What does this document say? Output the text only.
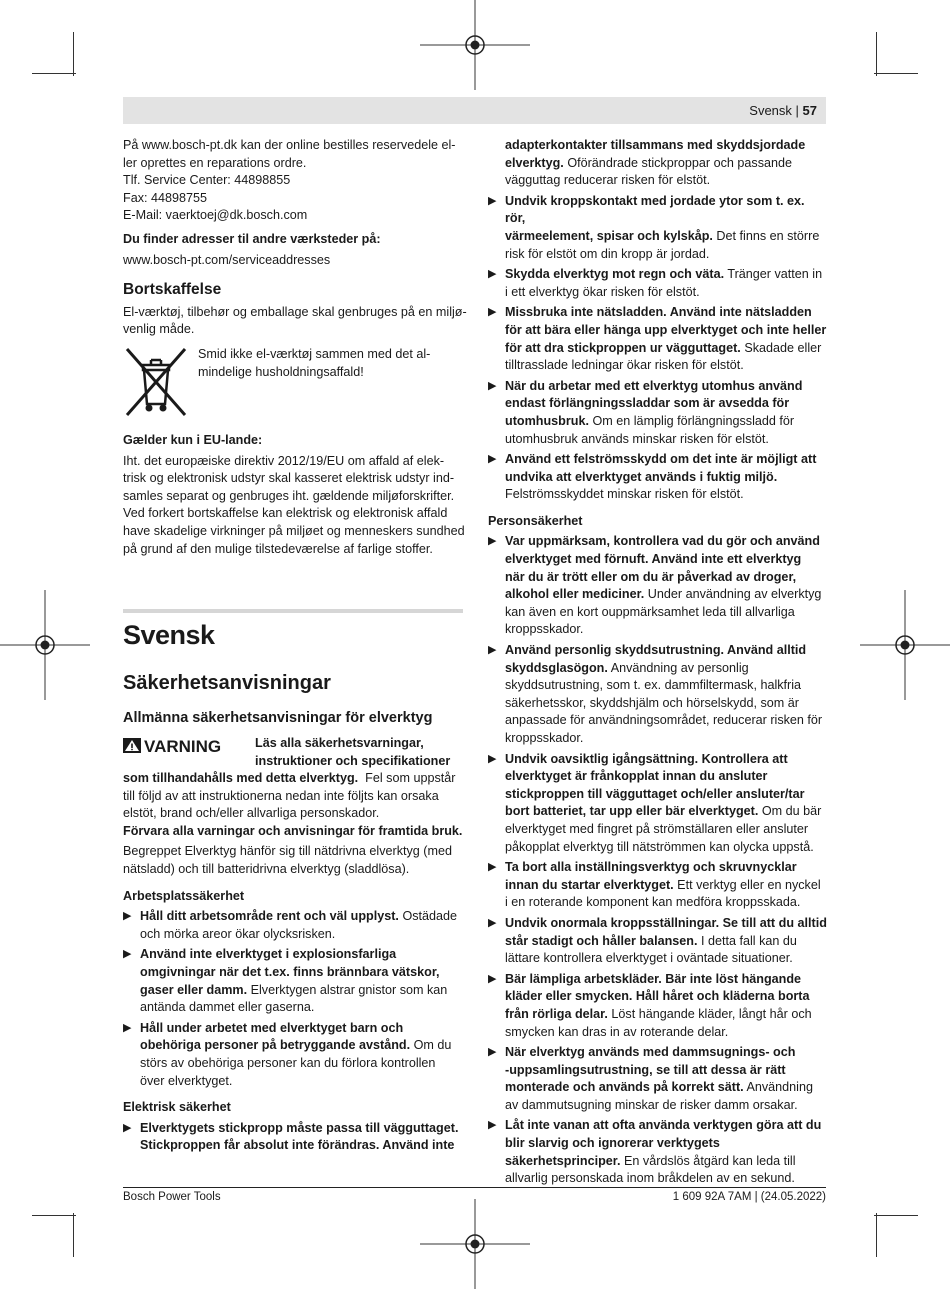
Svensk | 57

På www.bosch-pt.dk kan der online bestilles reservedele el-

ler oprettes en reparations ordre.

Tlf. Service Center: 44898855

Fax: 44898755

E-Mail: vaerktoej@dk.bosch.com

Du finder adresser til andre værksteder på:

www.bosch-pt.com/serviceaddresses

Bortskaffelse

El-værktøj, tilbehør og emballage skal genbruges på en miljø-

venlig måde.

Smid ikke el-værktøj sammen med det al-

mindelige husholdningsaffald!

Gælder kun i EU-lande:

Iht. det europæiske direktiv 2012/19/EU om affald af elek-

trisk og elektronisk udstyr skal kasseret elektrisk udstyr ind-

samles separat og genbruges iht. gældende miljøforskrifter.

Ved forkert bortskaffelse kan elektrisk og elektronisk affald

have skadelige virkninger på miljøet og menneskers sundhed

på grund af den mulige tilstedeværelse af farlige stoffer.

Svensk
Säkerhetsanvisningar
Allmänna säkerhetsanvisningar för elverktyg
VARNING	Läs alla säkerhetsvarningar,

instruktioner och specifikationer

som tillhandahålls med detta elverktyg. Fel som uppstår

till följd av att instruktionerna nedan inte följts kan orsaka

elstöt, brand och/eller allvarliga personskador.

Förvara alla varningar och anvisningar för framtida bruk.

Begreppet Elverktyg hänför sig till nätdrivna elverktyg (med

nätsladd) och till batteridrivna elverktyg (sladdlösa).

Arbetsplatssäkerhet

▶ Håll ditt arbetsområde rent och väl upplyst. Ostädade

och mörka areor ökar olycksrisken.

▶ Använd inte elverktyget i explosionsfarliga

omgivningar när det t.ex. finns brännbara vätskor,

gaser eller damm. Elverktygen alstrar gnistor som kan

antända dammet eller gaserna.

▶ Håll under arbetet med elverktyget barn och

obehöriga personer på betryggande avstånd. Om du

störs av obehöriga personer kan du förlora kontrollen

över elverktyget.

Elektrisk säkerhet

▶ Elverktygets stickpropp måste passa till vägguttaget.

Stickproppen får absolut inte förändras. Använd inte

adapterkontakter tillsammans med skyddsjordade

elverktyg. Oförändrade stickproppar och passande

vägguttag reducerar risken för elstöt.

▶ Undvik kroppskontakt med jordade ytor som t. ex. rör,

värmeelement, spisar och kylskåp. Det finns en större

risk för elstöt om din kropp är jordad.

▶ Skydda elverktyg mot regn och väta. Tränger vatten in

i ett elverktyg ökar risken för elstöt.

▶ Missbruka inte nätsladden. Använd inte nätsladden

för att bära eller hänga upp elverktyget och inte heller

för att dra stickproppen ur vägguttaget. Skadade eller

tilltrasslade ledningar ökar risken för elstöt.

▶ När du arbetar med ett elverktyg utomhus använd

endast förlängningssladdar som är avsedda för

utomhusbruk. Om en lämplig förlängningssladd för

utomhusbruk används minskar risken för elstöt.

▶ Använd ett felströmsskydd om det inte är möjligt att

undvika att elverktyget används i fuktig miljö.

Felströmsskyddet minskar risken för elstöt.

Personsäkerhet

▶ Var uppmärksam, kontrollera vad du gör och använd

elverktyget med förnuft. Använd inte ett elverktyg

när du är trött eller om du är påverkad av droger,

alkohol eller mediciner. Under användning av elverktyg

kan även en kort ouppmärksamhet leda till allvarliga

kroppsskador.

▶ Använd personlig skyddsutrustning. Använd alltid

skyddsglasögon. Användning av personlig

skyddsutrustning, som t. ex. dammfiltermask, halkfria

säkerhetsskor, skyddshjälm och hörselskydd, som är

anpassade för användningsområdet, reducerar risken för

kroppsskador.

▶ Undvik oavsiktlig igångsättning. Kontrollera att

elverktyget är frånkopplat innan du ansluter

stickproppen till vägguttaget och/eller ansluter/tar

bort batteriet, tar upp eller bär elverktyget. Om du bär

elverktyget med fingret på strömställaren eller ansluter

påkopplat elverktyg till nätströmmen kan olycka uppstå.

▶ Ta bort alla inställningsverktyg och skruvnycklar

innan du startar elverktyget. Ett verktyg eller en nyckel

i en roterande komponent kan medföra kroppsskada.

▶ Undvik onormala kroppsställningar. Se till att du alltid

står stadigt och håller balansen. I detta fall kan du

lättare kontrollera elverktyget i oväntade situationer.

▶ Bär lämpliga arbetskläder. Bär inte löst hängande

kläder eller smycken. Håll håret och kläderna borta

från rörliga delar. Löst hängande kläder, långt hår och

smycken kan dras in av roterande delar.

▶ När elverktyg används med dammsugnings- och

-uppsamlingsutrustning, se till att dessa är rätt

monterade och används på korrekt sätt. Användning

av dammutsugning minskar de risker damm orsakar.

▶ Låt inte vanan att ofta använda verktygen göra att du

blir slarvig och ignorerar verktygets

säkerhetsprinciper. En vårdslös åtgärd kan leda till

allvarlig personskada inom bråkdelen av en sekund.

Bosch Power Tools	1 609 92A 7AM | (24.05.2022)
